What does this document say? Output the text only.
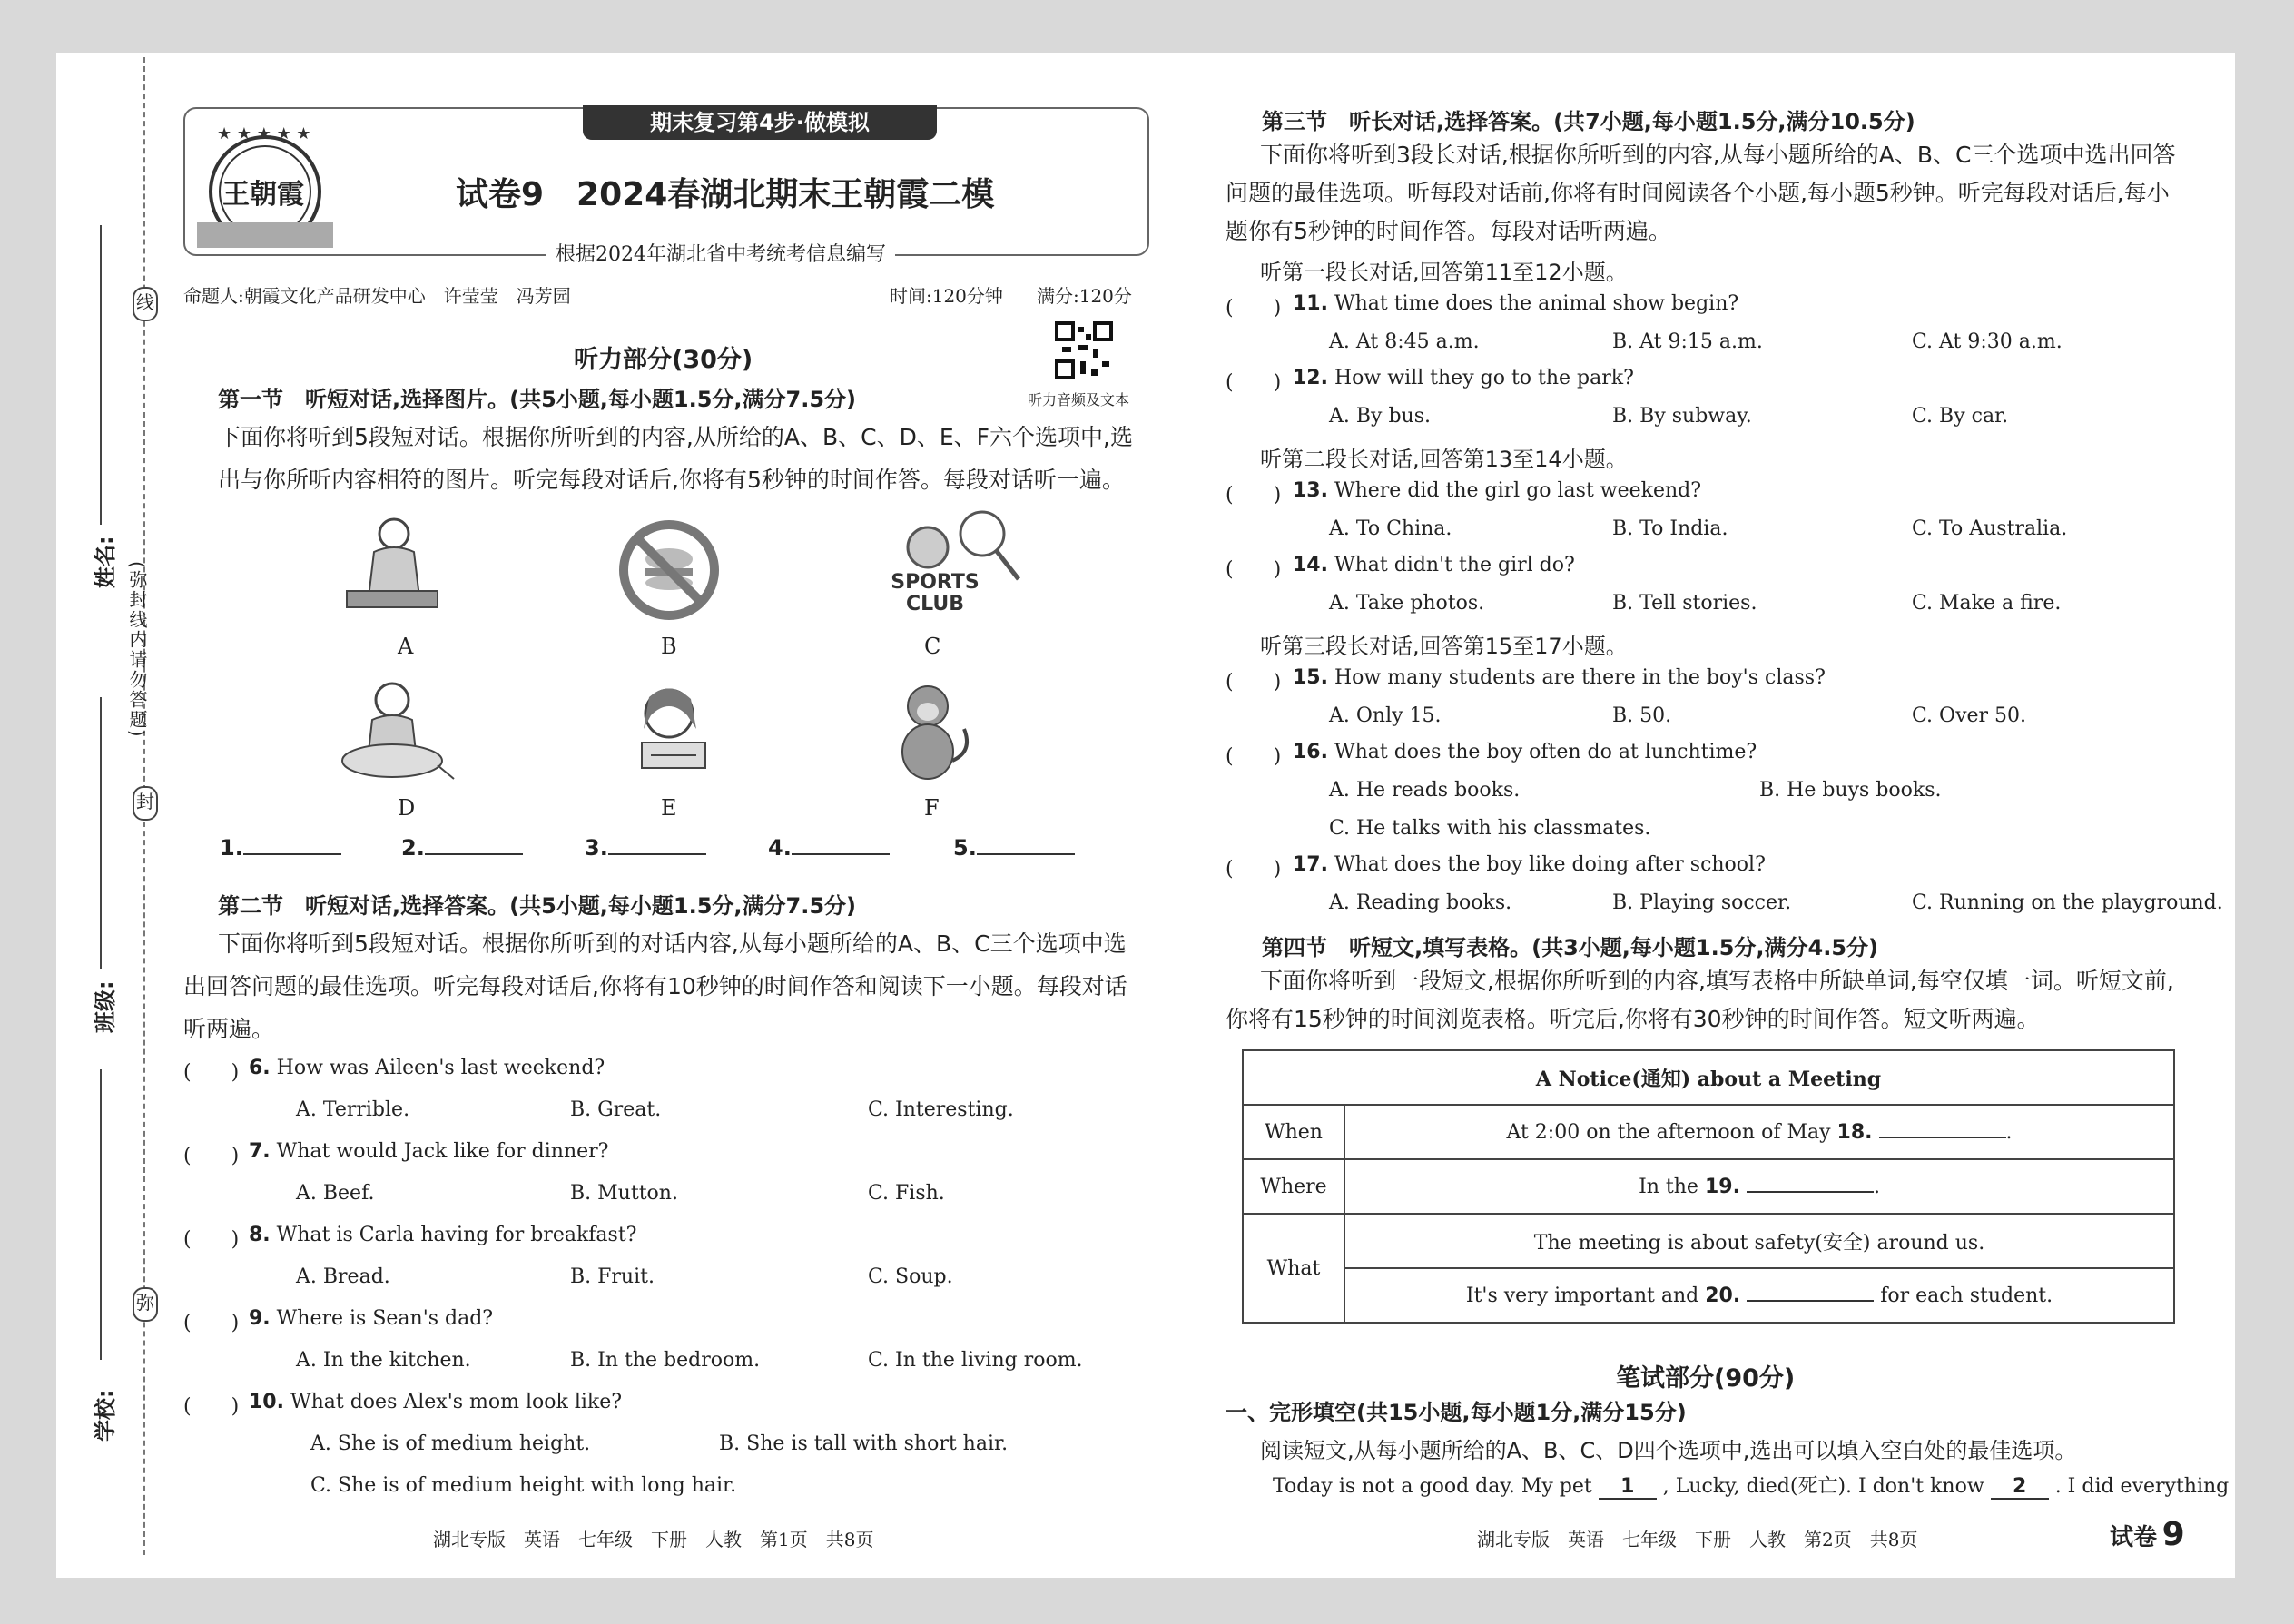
线
封
弥
(弥封线内请勿答题)
姓名:
班级:
学校:
★ ★ ★ ★ ★
王朝霞
期末复习第4步·做模拟
试卷9　2024春湖北期末王朝霞二模
根据2024年湖北省中考统考信息编写
命题人:朝霞文化产品研发中心　许莹莹　冯芳园	时间:120分钟 满分:120分
听力部分(30分)
听力音频及文本
第一节　听短对话,选择图片。(共5小题,每小题1.5分,满分7.5分)
下面你将听到5段短对话。根据你所听到的内容,从所给的A、B、C、D、E、F六个选项中,选出与你所听内容相符的图片。听完每段对话后,你将有5秒钟的时间作答。每段对话听一遍。
SPORTS CLUB
A	B	C
D	E	F
1.	2.	3.	4.	5.
第二节　听短对话,选择答案。(共5小题,每小题1.5分,满分7.5分)
下面你将听到5段短对话。根据你所听到的对话内容,从每小题所给的A、B、C三个选项中选出回答问题的最佳选项。听完每段对话后,你将有10秒钟的时间作答和阅读下一小题。每段对话听两遍。
(　　) 6. How was Aileen's last weekend?
A. Terrible.	B. Great.	C. Interesting.
(　　) 7. What would Jack like for dinner?
A. Beef.	B. Mutton.	C. Fish.
(　　) 8. What is Carla having for breakfast?
A. Bread.	B. Fruit.	C. Soup.
(　　) 9. Where is Sean's dad?
A. In the kitchen.	B. In the bedroom.	C. In the living room.
(　　) 10. What does Alex's mom look like?
A. She is of medium height.	B. She is tall with short hair.
C. She is of medium height with long hair.
湖北专版　英语　七年级　下册　人教　第1页　共8页
第三节　听长对话,选择答案。(共7小题,每小题1.5分,满分10.5分)
下面你将听到3段长对话,根据你所听到的内容,从每小题所给的A、B、C三个选项中选出回答问题的最佳选项。听每段对话前,你将有时间阅读各个小题,每小题5秒钟。听完每段对话后,每小题你有5秒钟的时间作答。每段对话听两遍。
听第一段长对话,回答第11至12小题。
(　　) 11. What time does the animal show begin?
A. At 8:45 a.m.	B. At 9:15 a.m.	C. At 9:30 a.m.
(　　) 12. How will they go to the park?
A. By bus.	B. By subway.	C. By car.
听第二段长对话,回答第13至14小题。
(　　) 13. Where did the girl go last weekend?
A. To China.	B. To India.	C. To Australia.
(　　) 14. What didn't the girl do?
A. Take photos.	B. Tell stories.	C. Make a fire.
听第三段长对话,回答第15至17小题。
(　　) 15. How many students are there in the boy's class?
A. Only 15.	B. 50.	C. Over 50.
(　　) 16. What does the boy often do at lunchtime?
A. He reads books.	B. He buys books.
C. He talks with his classmates.
(　　) 17. What does the boy like doing after school?
A. Reading books.	B. Playing soccer.	C. Running on the playground.
第四节　听短文,填写表格。(共3小题,每小题1.5分,满分4.5分)
下面你将听到一段短文,根据你所听到的内容,填写表格中所缺单词,每空仅填一词。听短文前,你将有15秒钟的时间浏览表格。听完后,你将有30秒钟的时间作答。短文听两遍。
A Notice(通知) about a Meeting	
When	At 2:00 on the afternoon of May 18. .
Where	In the 19. .
What	The meeting is about safety(安全) around us.
	It's very important and 20. for each student.
笔试部分(90分)
一、完形填空(共15小题,每小题1分,满分15分)
阅读短文,从每小题所给的A、B、C、D四个选项中,选出可以填入空白处的最佳选项。
Today is not a good day. My pet 1 , Lucky, died(死亡). I don't know 2 . I did everything
湖北专版　英语　七年级　下册　人教　第2页　共8页	试卷 9
